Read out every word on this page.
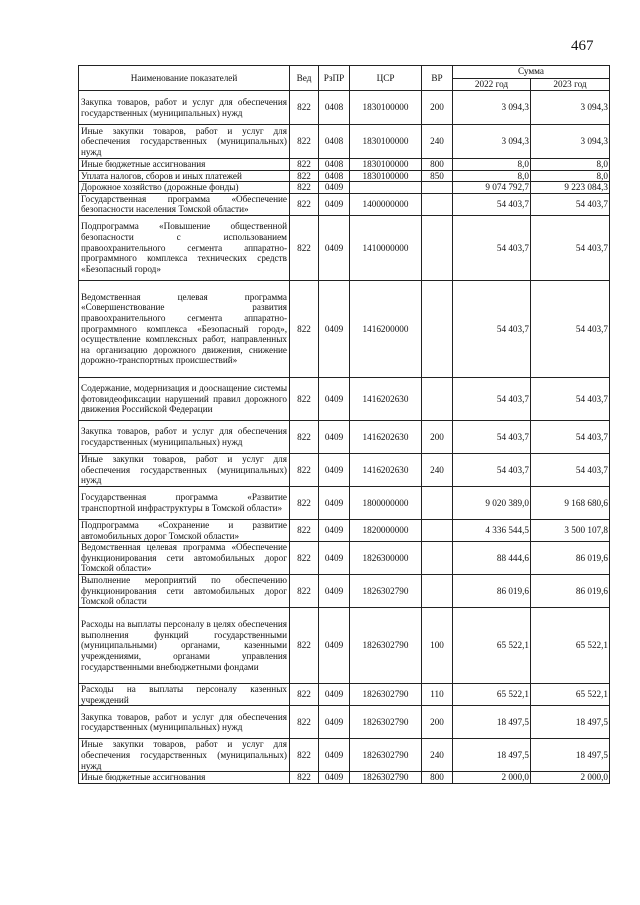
467
Наименование показателей	Вед	РзПР	ЦСР	ВР	Сумма	
					2022 год	2023 год
Закупка товаров, работ и услуг для обеспечения государственных (муниципальных) нужд	822	0408	1830100000	200	3 094,3	3 094,3
Иные закупки товаров, работ и услуг для обеспечения государственных (муниципальных) нужд	822	0408	1830100000	240	3 094,3	3 094,3
Иные бюджетные ассигнования	822	0408	1830100000	800	8,0	8,0
Уплата налогов, сборов и иных платежей	822	0408	1830100000	850	8,0	8,0
Дорожное хозяйство (дорожные фонды)	822	0409			9 074 792,7	9 223 084,3
Государственная программа «Обеспечение безопасности населения Томской области»	822	0409	1400000000		54 403,7	54 403,7
Подпрограмма «Повышение общественной безопасности с использованием правоохранительного сегмента аппаратно-программного комплекса технических средств «Безопасный город»	822	0409	1410000000		54 403,7	54 403,7
Ведомственная целевая программа «Совершенствование развития правоохранительного сегмента аппаратно-программного комплекса «Безопасный город», осуществление комплексных работ, направленных на организацию дорожного движения, снижение дорожно-транспортных происшествий»	822	0409	1416200000		54 403,7	54 403,7
Содержание, модернизация и дооснащение системы фотовидеофиксации нарушений правил дорожного движения Российской Федерации	822	0409	1416202630		54 403,7	54 403,7
Закупка товаров, работ и услуг для обеспечения государственных (муниципальных) нужд	822	0409	1416202630	200	54 403,7	54 403,7
Иные закупки товаров, работ и услуг для обеспечения государственных (муниципальных) нужд	822	0409	1416202630	240	54 403,7	54 403,7
Государственная программа «Развитие транспортной инфраструктуры в Томской области»	822	0409	1800000000		9 020 389,0	9 168 680,6
Подпрограмма «Сохранение и развитие автомобильных дорог Томской области»	822	0409	1820000000		4 336 544,5	3 500 107,8
Ведомственная целевая программа «Обеспечение функционирования сети автомобильных дорог Томской области»	822	0409	1826300000		88 444,6	86 019,6
Выполнение мероприятий по обеспечению функционирования сети автомобильных дорог Томской области	822	0409	1826302790		86 019,6	86 019,6
Расходы на выплаты персоналу в целях обеспечения выполнения функций государственными (муниципальными) органами, казенными учреждениями, органами управления государственными внебюджетными фондами	822	0409	1826302790	100	65 522,1	65 522,1
Расходы на выплаты персоналу казенных учреждений	822	0409	1826302790	110	65 522,1	65 522,1
Закупка товаров, работ и услуг для обеспечения государственных (муниципальных) нужд	822	0409	1826302790	200	18 497,5	18 497,5
Иные закупки товаров, работ и услуг для обеспечения государственных (муниципальных) нужд	822	0409	1826302790	240	18 497,5	18 497,5
Иные бюджетные ассигнования	822	0409	1826302790	800	2 000,0	2 000,0
